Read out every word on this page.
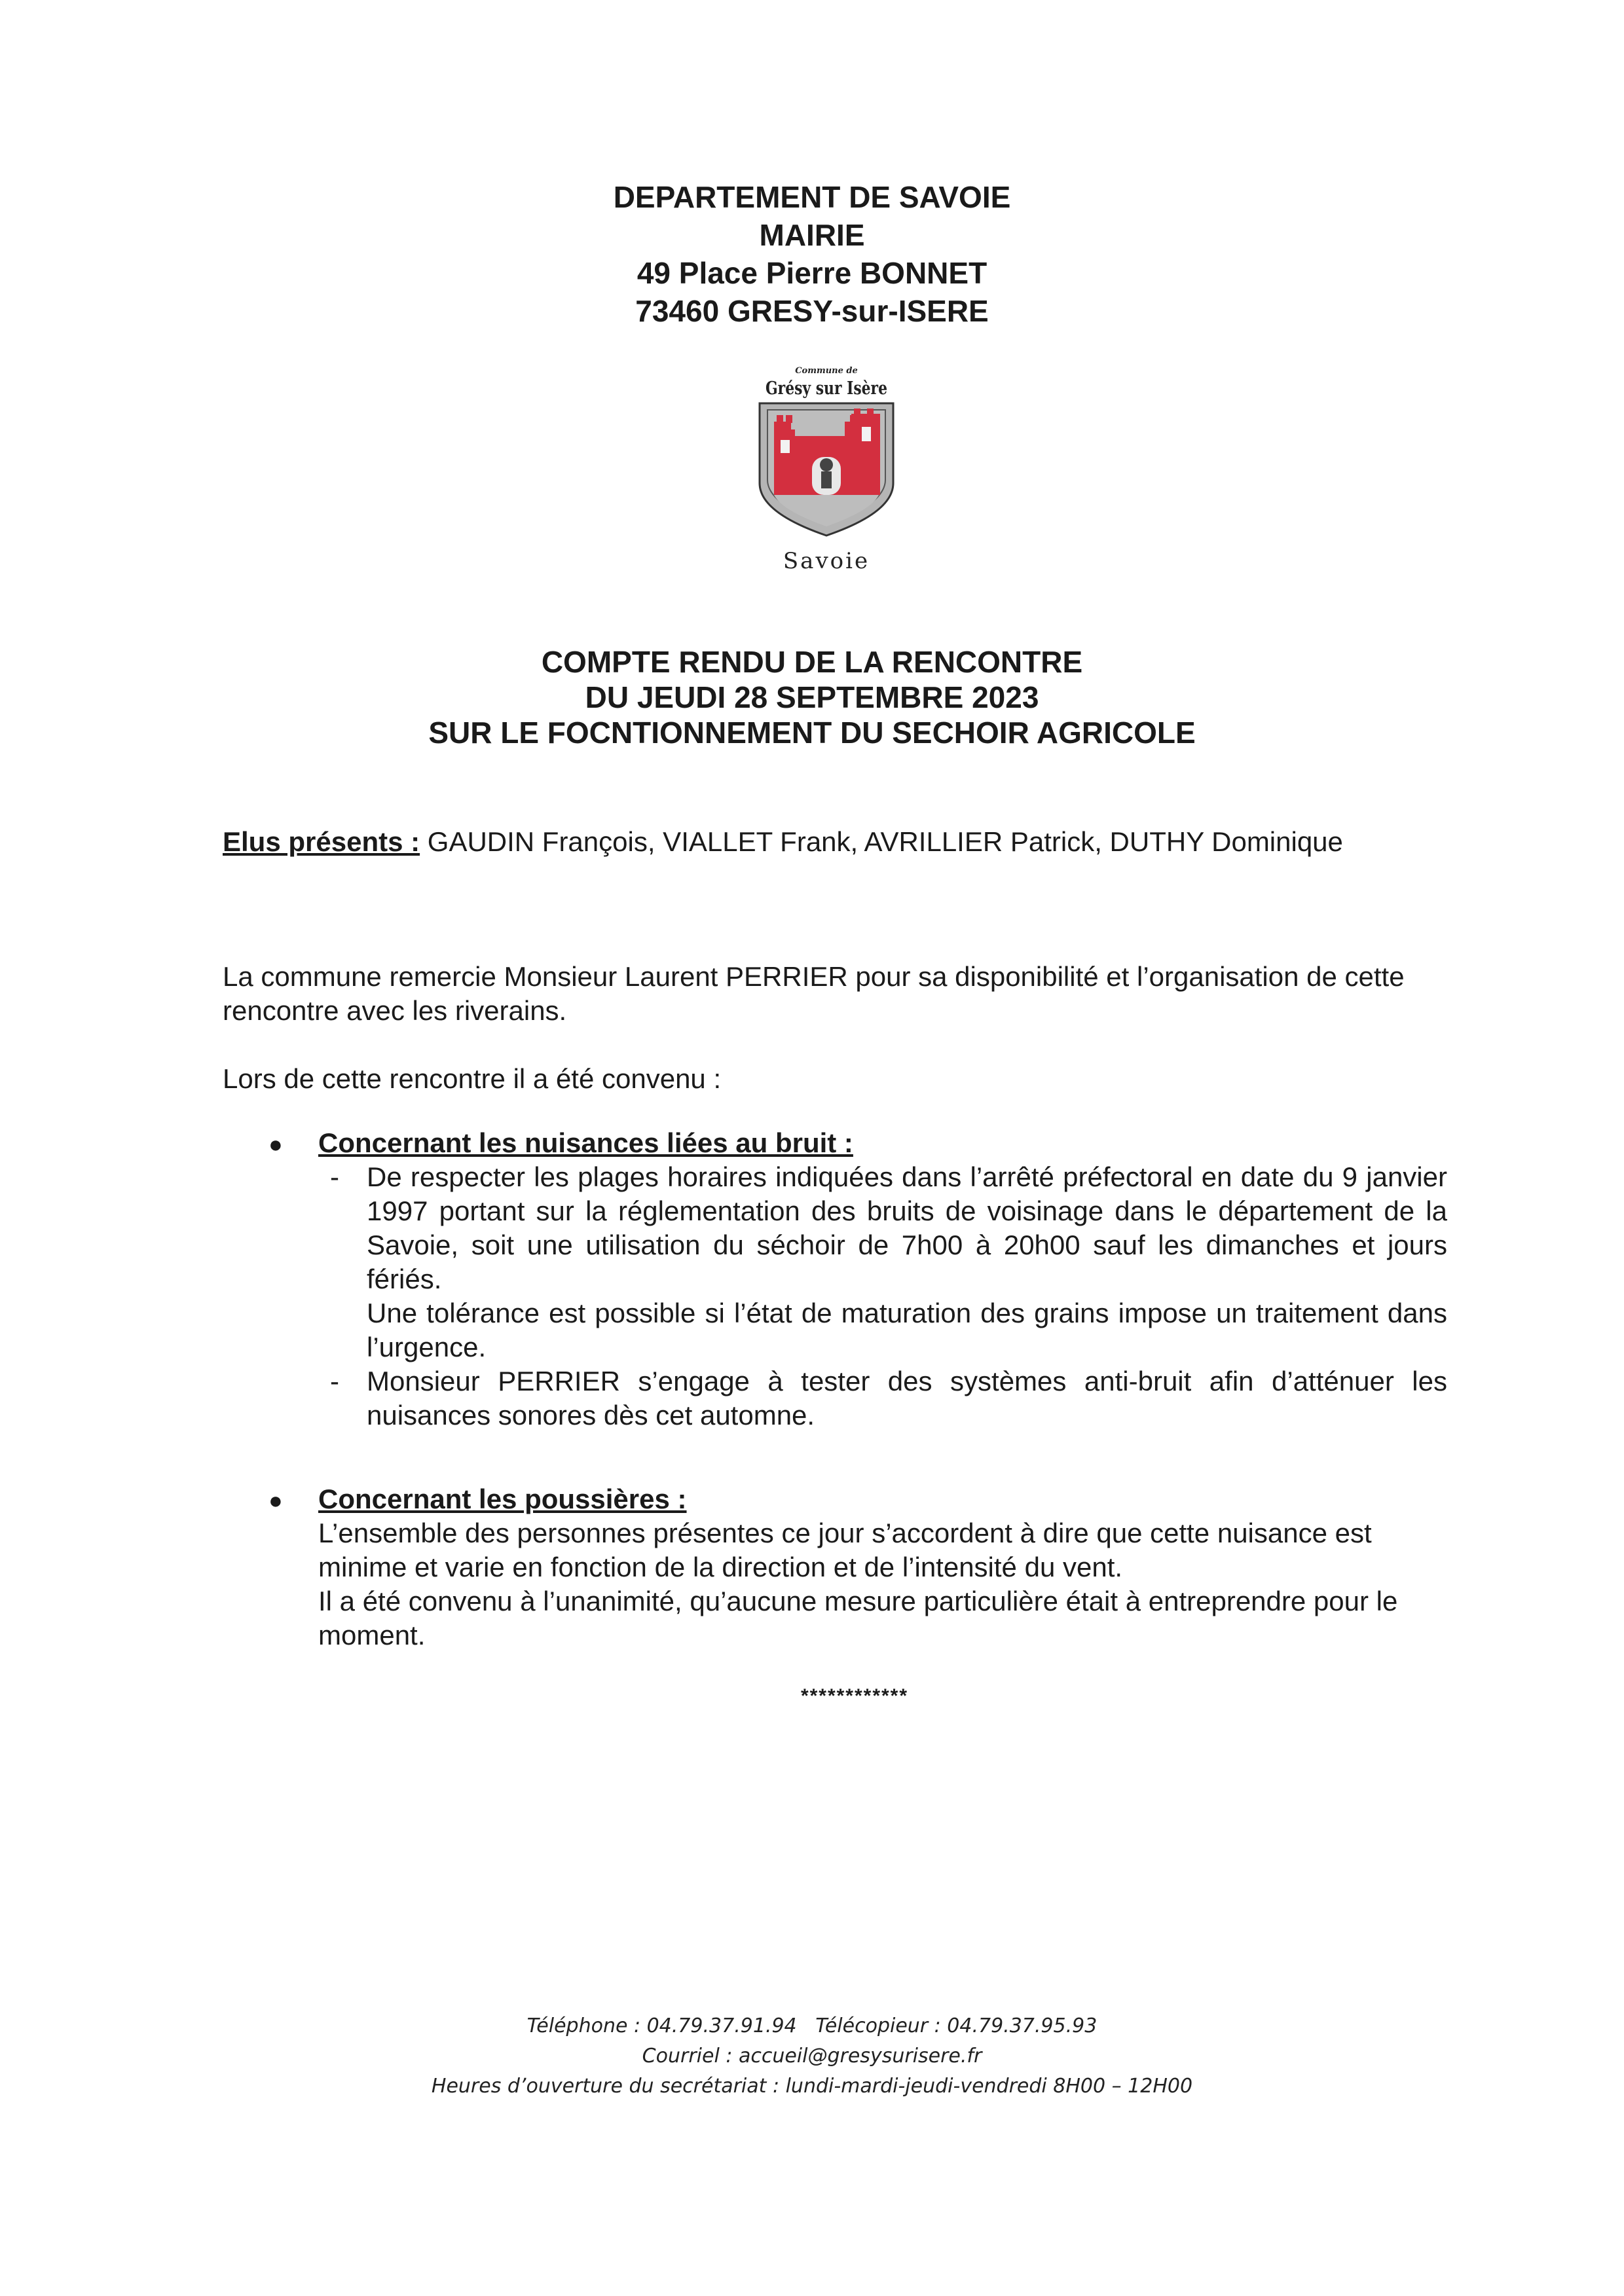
DEPARTEMENT DE SAVOIE
MAIRIE
49 Place Pierre BONNET
73460 GRESY-sur-ISERE
Commune de
Grésy sur Isère
Savoie
COMPTE RENDU DE LA RENCONTRE
DU JEUDI 28 SEPTEMBRE 2023
SUR LE FOCNTIONNEMENT DU SECHOIR AGRICOLE
Elus présents : GAUDIN François, VIALLET Frank, AVRILLIER Patrick, DUTHY Dominique
La commune remercie Monsieur Laurent PERRIER pour sa disponibilité et l’organisation de cette rencontre avec les riverains.
Lors de cette rencontre il a été convenu :
● Concernant les nuisances liées au bruit :
- De respecter les plages horaires indiquées dans l’arrêté préfectoral en date du 9 janvier 1997 portant sur la réglementation des bruits de voisinage dans le département de la Savoie, soit une utilisation du séchoir de 7h00 à 20h00 sauf les dimanches et jours fériés.
Une tolérance est possible si l’état de maturation des grains impose un traitement dans l’urgence.
- Monsieur PERRIER s’engage à tester des systèmes anti-bruit afin d’atténuer les nuisances sonores dès cet automne.
● Concernant les poussières :
L’ensemble des personnes présentes ce jour s’accordent à dire que cette nuisance est minime et varie en fonction de la direction et de l’intensité du vent.
Il a été convenu à l’unanimité, qu’aucune mesure particulière était à entreprendre pour le moment.
************
Téléphone : 04.79.37.91.94   Télécopieur : 04.79.37.95.93
Courriel : accueil@gresysurisere.fr
Heures d’ouverture du secrétariat : lundi-mardi-jeudi-vendredi 8H00 – 12H00
